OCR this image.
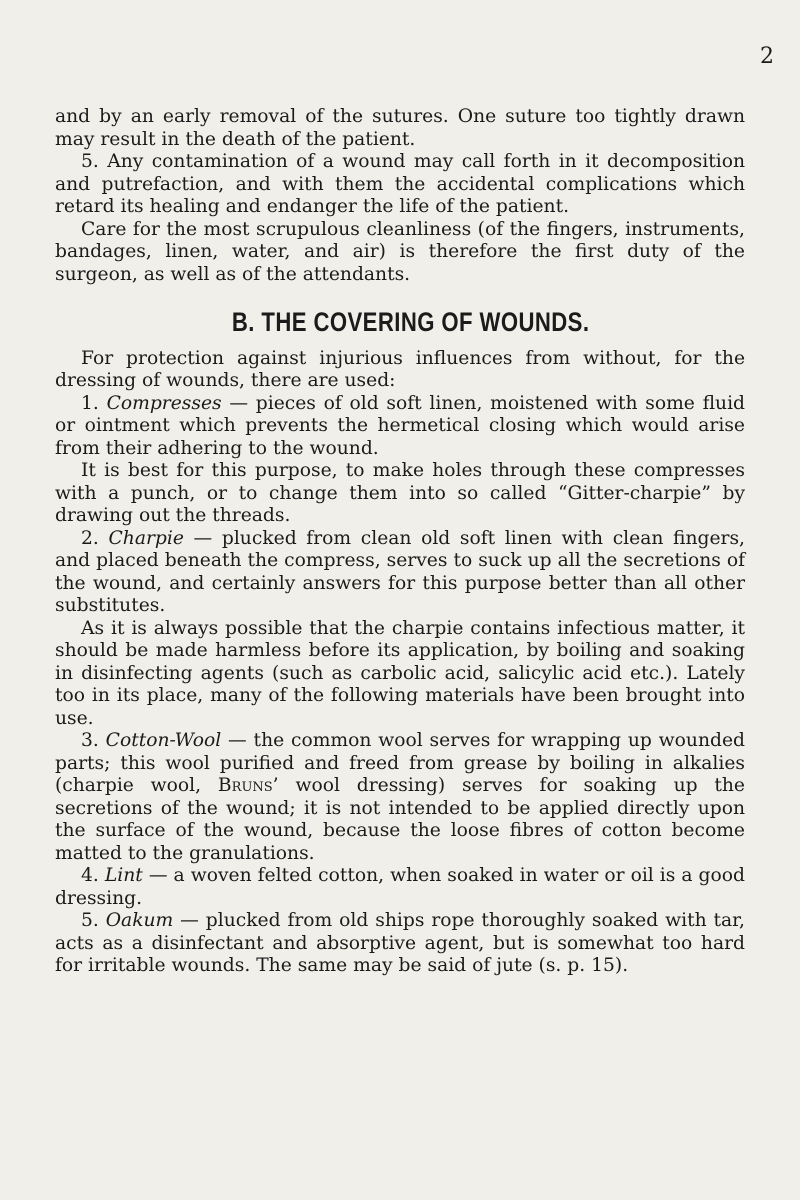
2

and by an early removal of the sutures. One suture too tightly drawn may result in the death of the patient.

5. Any contamination of a wound may call forth in it decomposition and putrefaction, and with them the accidental complications which retard its healing and endanger the life of the patient.

Care for the most scrupulous cleanliness (of the fingers, instruments, bandages, linen, water, and air) is therefore the first duty of the surgeon, as well as of the attendants.

B. THE COVERING OF WOUNDS.

For protection against injurious influences from without, for the dressing of wounds, there are used:

1. Compresses — pieces of old soft linen, moistened with some fluid or ointment which prevents the hermetical closing which would arise from their adhering to the wound.

It is best for this purpose, to make holes through these compresses with a punch, or to change them into so called “Gitter-charpie” by drawing out the threads.

2. Charpie — plucked from clean old soft linen with clean fingers, and placed beneath the compress, serves to suck up all the secretions of the wound, and certainly answers for this purpose better than all other substitutes.

As it is always possible that the charpie contains infectious matter, it should be made harmless before its application, by boiling and soaking in disinfecting agents (such as carbolic acid, salicylic acid etc.). Lately too in its place, many of the following materials have been brought into use.

3. Cotton-Wool — the common wool serves for wrapping up wounded parts; this wool purified and freed from grease by boiling in alkalies (charpie wool, Bruns’ wool dressing) serves for soaking up the secretions of the wound; it is not intended to be applied directly upon the surface of the wound, because the loose fibres of cotton become matted to the granulations.

4. Lint — a woven felted cotton, when soaked in water or oil is a good dressing.

5. Oakum — plucked from old ships rope thoroughly soaked with tar, acts as a disinfectant and absorptive agent, but is somewhat too hard for irritable wounds. The same may be said of jute (s. p. 15).
